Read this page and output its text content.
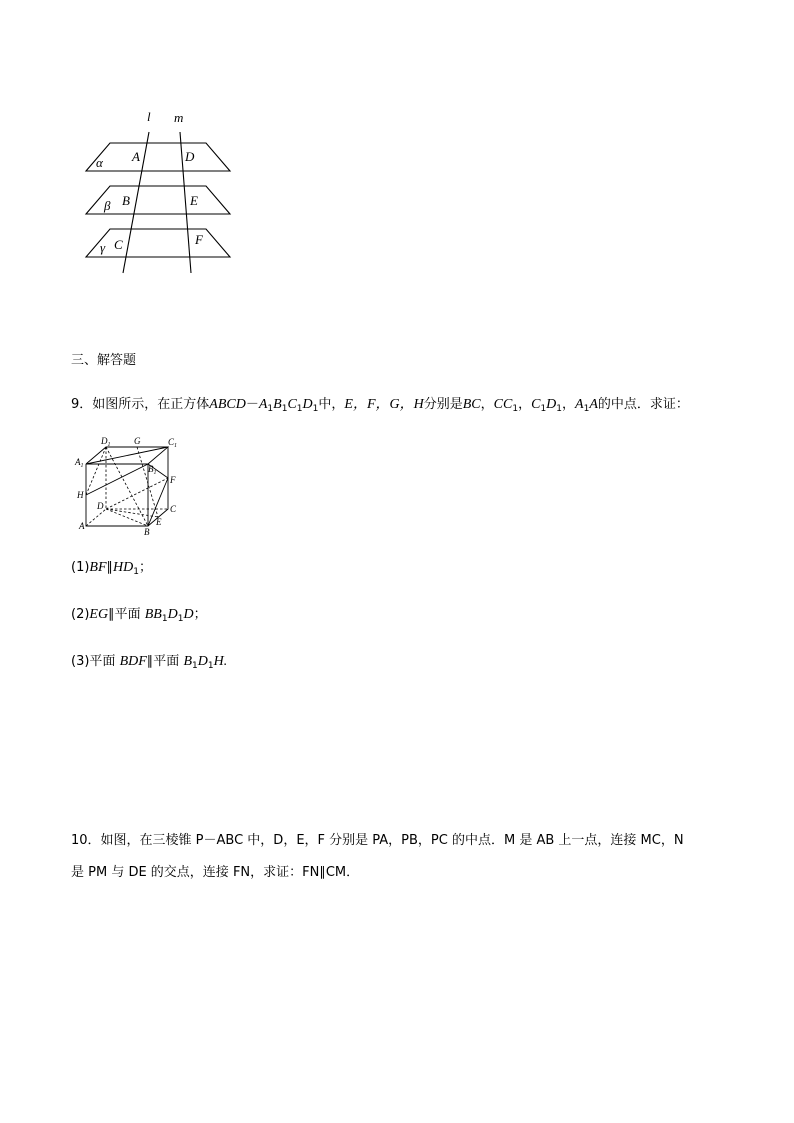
l m
α
β
γ
A	D
B	E
C	F
三、解答题
9．如图所示，在正方体$ABCD-A_1B_1C_1D_1$中，E，F，G，H分别是BC，$CC_1$，$C_1D_1$，$A_1A$的中点．求证：
$D_1$	G	$C_1$
$A_1$	$B_1$
F
H
D	C
E
A
B
$(1)BF\parallel HD_1$；
(2)EG∥平面 $BB_1D_1D$；
(3)平面 BDF∥平面 $B_1D_1H$.
10．如图，在三棱锥 P－ABC 中，D，E，F 分别是 PA，PB，PC 的中点．M 是 AB 上一点，连接 MC，N
是 PM 与 DE 的交点，连接 FN，求证：FN∥CM．
